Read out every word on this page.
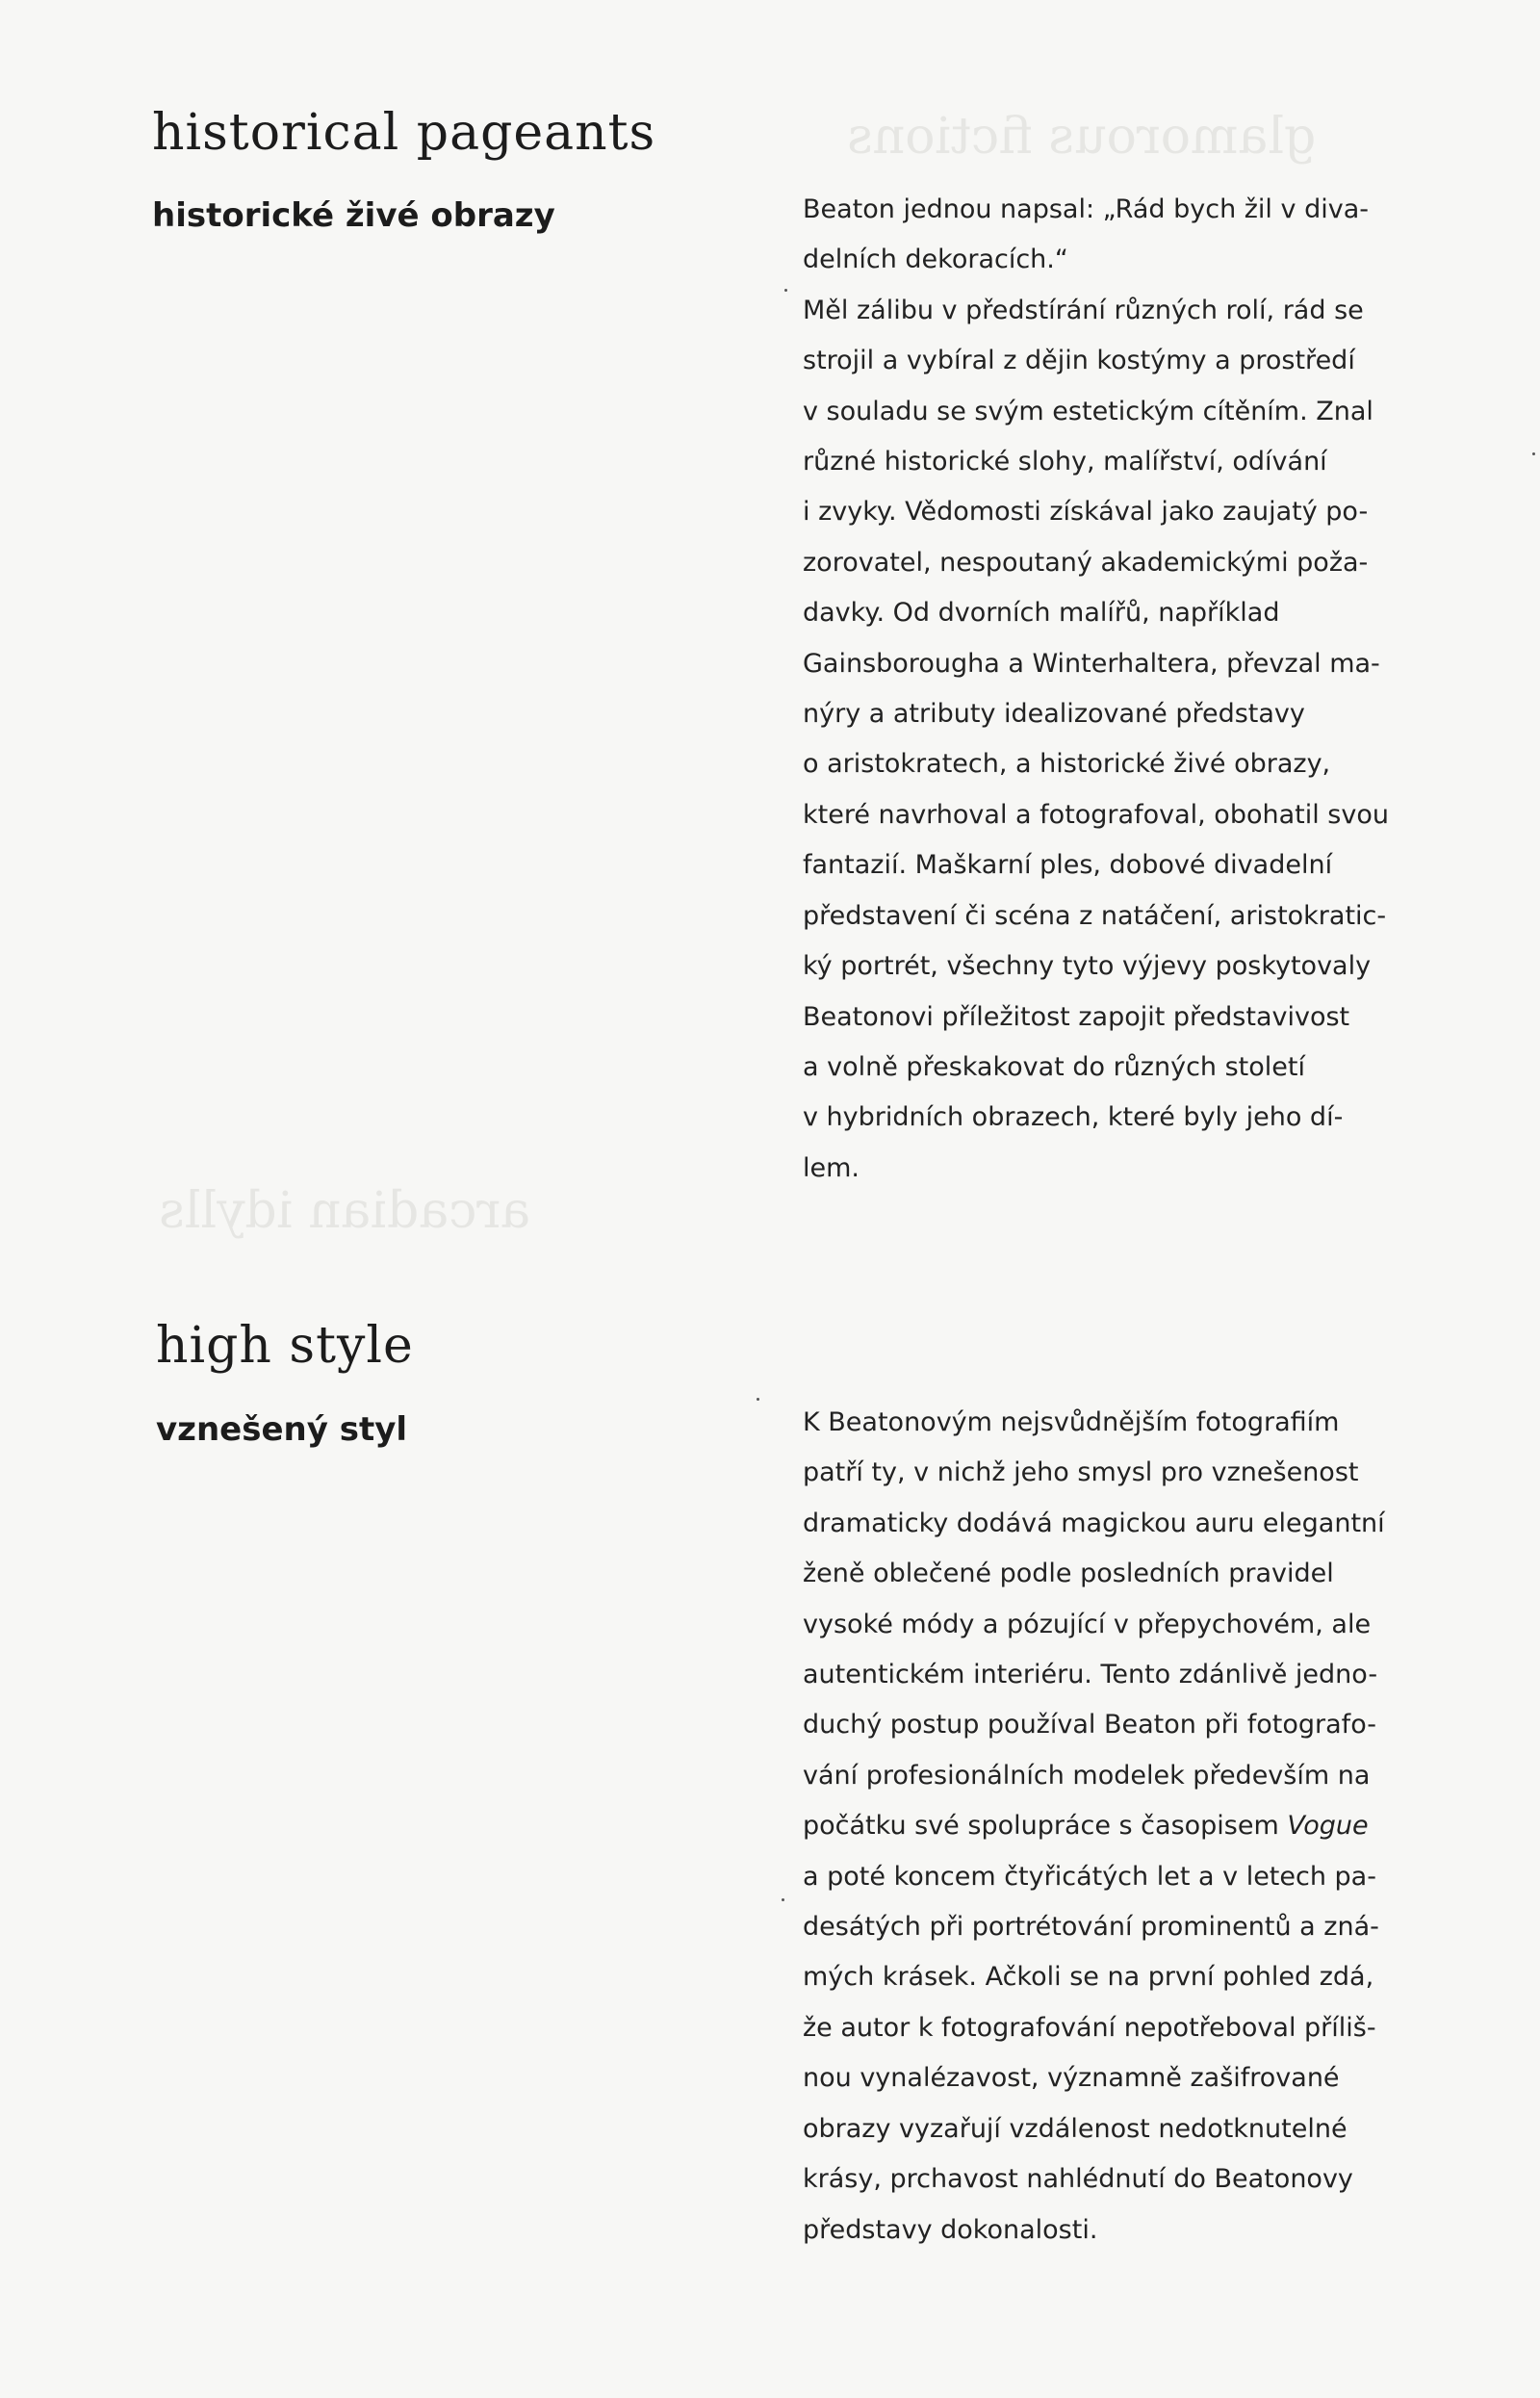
glamorous fictions
arcadian idylls
historical pageants
historické živé obrazy	Beaton jednou napsal: „Rád bych žil v diva-
delních dekoracích.“
Měl zálibu v předstírání různých rolí, rád se
strojil a vybíral z dějin kostýmy a prostředí
v souladu se svým estetickým cítěním. Znal
různé historické slohy, malířství, odívání
i zvyky. Vědomosti získával jako zaujatý po-
zorovatel, nespoutaný akademickými poža-
davky. Od dvorních malířů, například
Gainsborougha a Winterhaltera, převzal ma-
nýry a atributy idealizované představy
o aristokratech, a historické živé obrazy,
které navrhoval a fotografoval, obohatil svou
fantazií. Maškarní ples, dobové divadelní
představení či scéna z natáčení, aristokratic-
ký portrét, všechny tyto výjevy poskytovaly
Beatonovi příležitost zapojit představivost
a volně přeskakovat do různých století
v hybridních obrazech, které byly jeho dí-
lem.
high style
vznešený styl	K Beatonovým nejsvůdnějším fotografiím
patří ty, v nichž jeho smysl pro vznešenost
dramaticky dodává magickou auru elegantní
ženě oblečené podle posledních pravidel
vysoké módy a pózující v přepychovém, ale
autentickém interiéru. Tento zdánlivě jedno-
duchý postup používal Beaton při fotografo-
vání profesionálních modelek především na
počátku své spolupráce s časopisem Vogue
a poté koncem čtyřicátých let a v letech pa-
desátých při portrétování prominentů a zná-
mých krásek. Ačkoli se na první pohled zdá,
že autor k fotografování nepotřeboval příliš-
nou vynalézavost, významně zašifrované
obrazy vyzařují vzdálenost nedotknutelné
krásy, prchavost nahlédnutí do Beatonovy
představy dokonalosti.
